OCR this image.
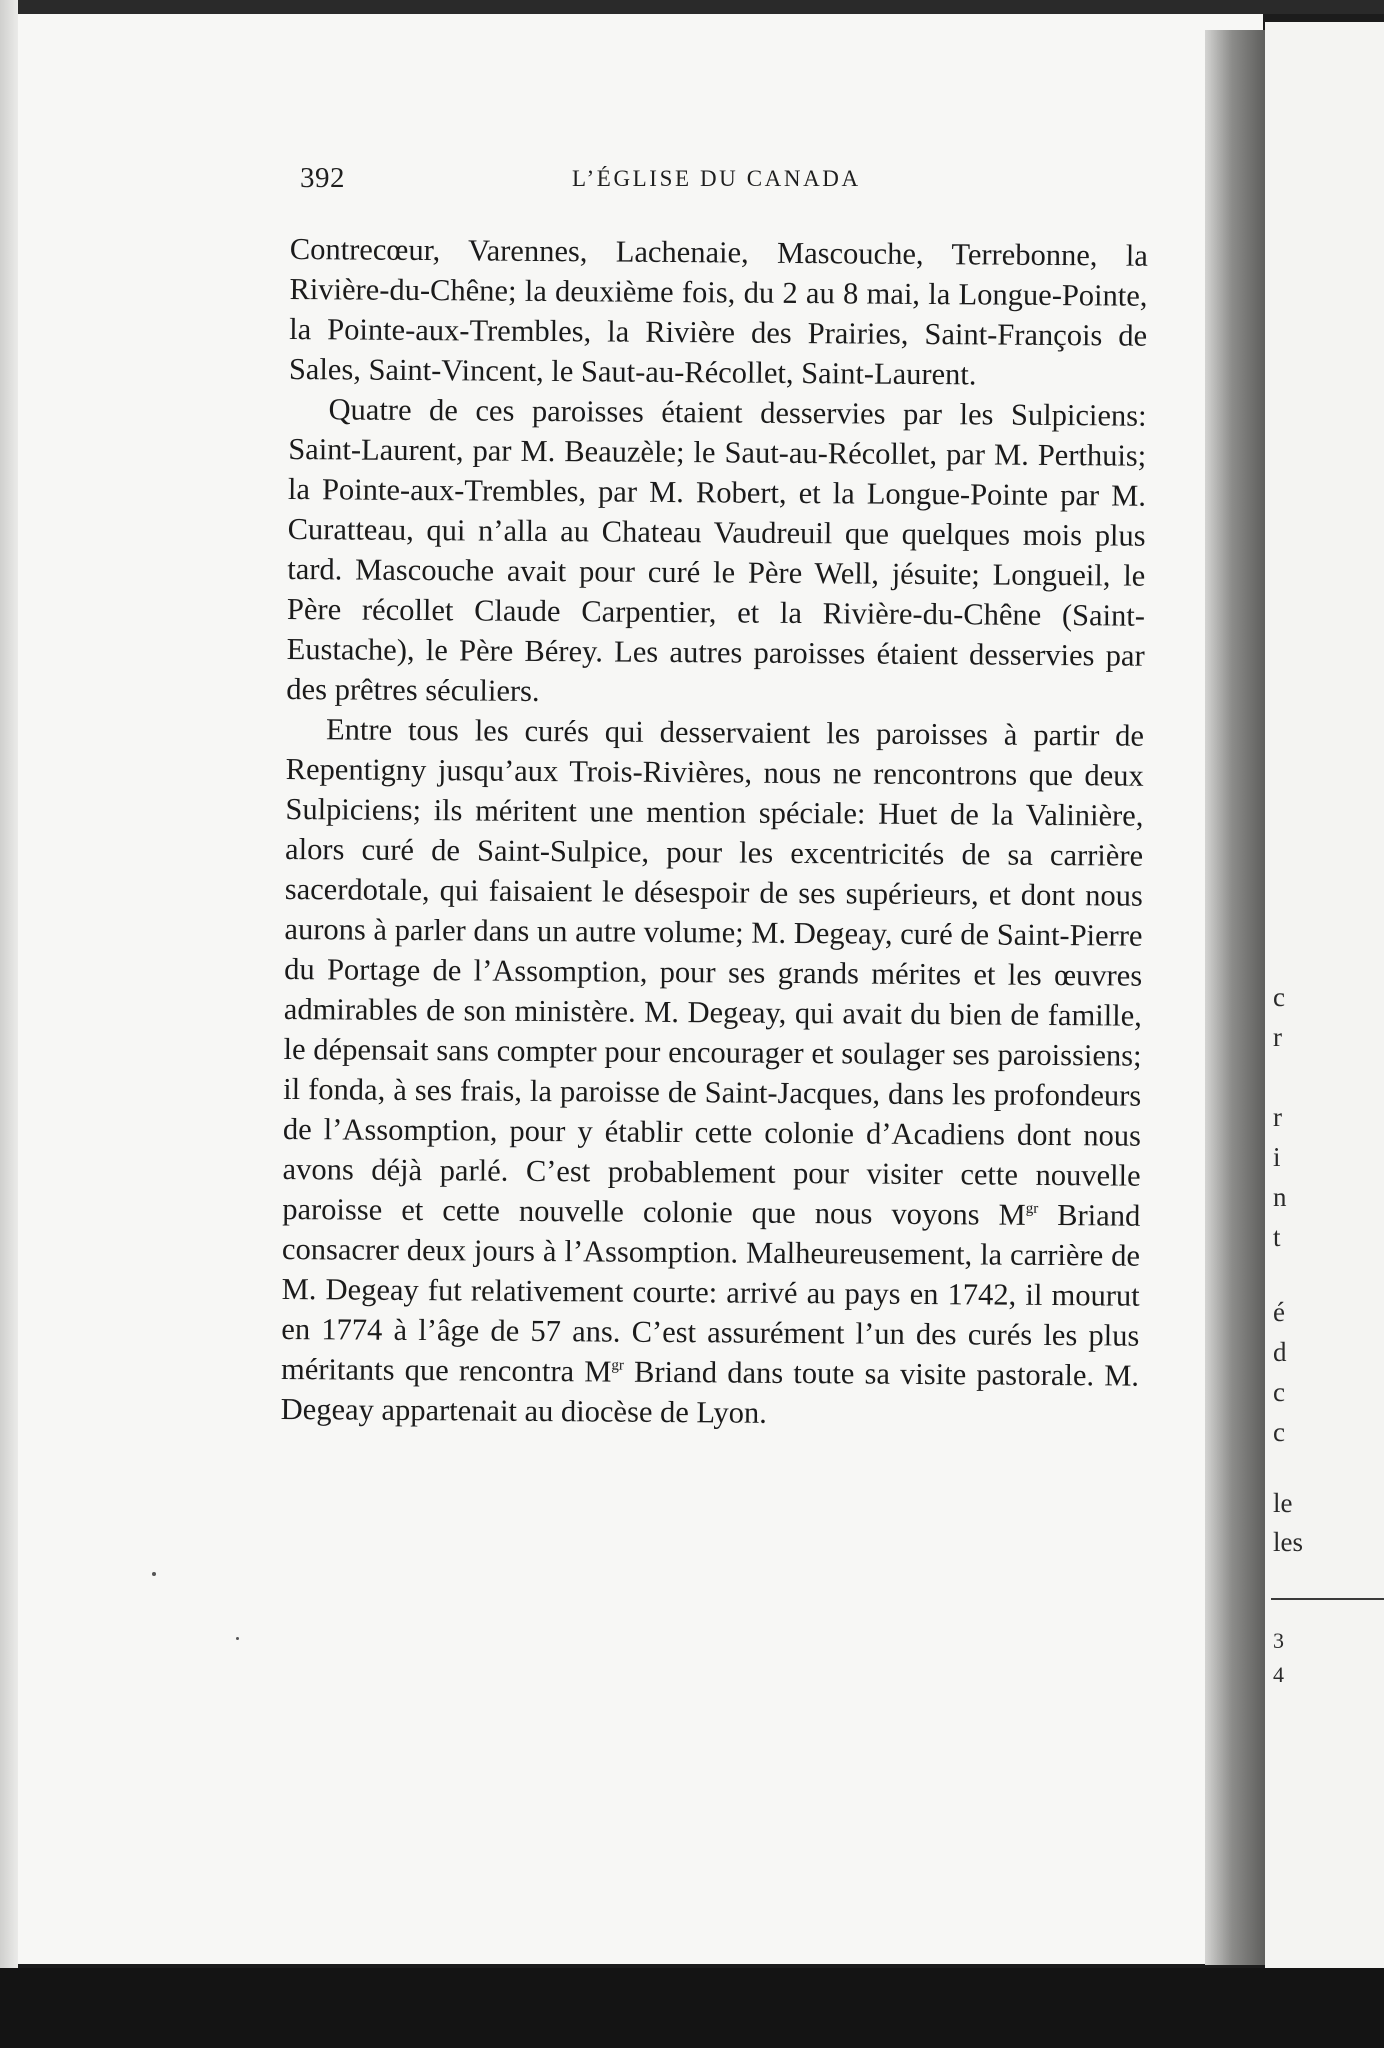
392	L’ÉGLISE DU CANADA

Contrecœur, Varennes, Lachenaie, Mascouche, Terrebonne, la Rivière-du-Chêne; la deuxième fois, du 2 au 8 mai, la Longue-Pointe, la Pointe-aux-Trembles, la Rivière des Prairies, Saint-François de Sales, Saint-Vincent, le Saut-au-Récollet, Saint-Laurent.

Quatre de ces paroisses étaient desservies par les Sulpiciens: Saint-Laurent, par M. Beauzèle; le Saut-au-Récollet, par M. Perthuis; la Pointe-aux-Trembles, par M. Robert, et la Longue-Pointe par M. Curatteau, qui n’alla au Chateau Vaudreuil que quelques mois plus tard. Mascouche avait pour curé le Père Well, jésuite; Longueil, le Père récollet Claude Carpentier, et la Rivière-du-Chêne (Saint-Eustache), le Père Bérey. Les autres paroisses étaient desservies par des prêtres séculiers.

Entre tous les curés qui desservaient les paroisses à partir de Repentigny jusqu’aux Trois-Rivières, nous ne rencontrons que deux Sulpiciens; ils méritent une mention spéciale: Huet de la Valinière, alors curé de Saint-Sulpice, pour les excentricités de sa carrière sacerdotale, qui faisaient le désespoir de ses supérieurs, et dont nous aurons à parler dans un autre volume; M. Degeay, curé de Saint-Pierre du Portage de l’Assomption, pour ses grands mérites et les œuvres admirables de son ministère. M. Degeay, qui avait du bien de famille, le dépensait sans compter pour encourager et soulager ses paroissiens; il fonda, à ses frais, la paroisse de Saint-Jacques, dans les profondeurs de l’Assomption, pour y établir cette colonie d’Acadiens dont nous avons déjà parlé. C’est probablement pour visiter cette nouvelle paroisse et cette nouvelle colonie que nous voyons $M^{gr}$ Briand consacrer deux jours à l’Assomption. Malheureusement, la carrière de M. Degeay fut relativement courte: arrivé au pays en 1742, il mourut en 1774 à l’âge de 57 ans. C’est assurément l’un des curés les plus méritants que rencontra $M^{gr}$ Briand dans toute sa visite pastorale. M. Degeay appartenait au diocèse de Lyon.

c
r
r
i
n
t
é
d
c
c
le
les
3
4
